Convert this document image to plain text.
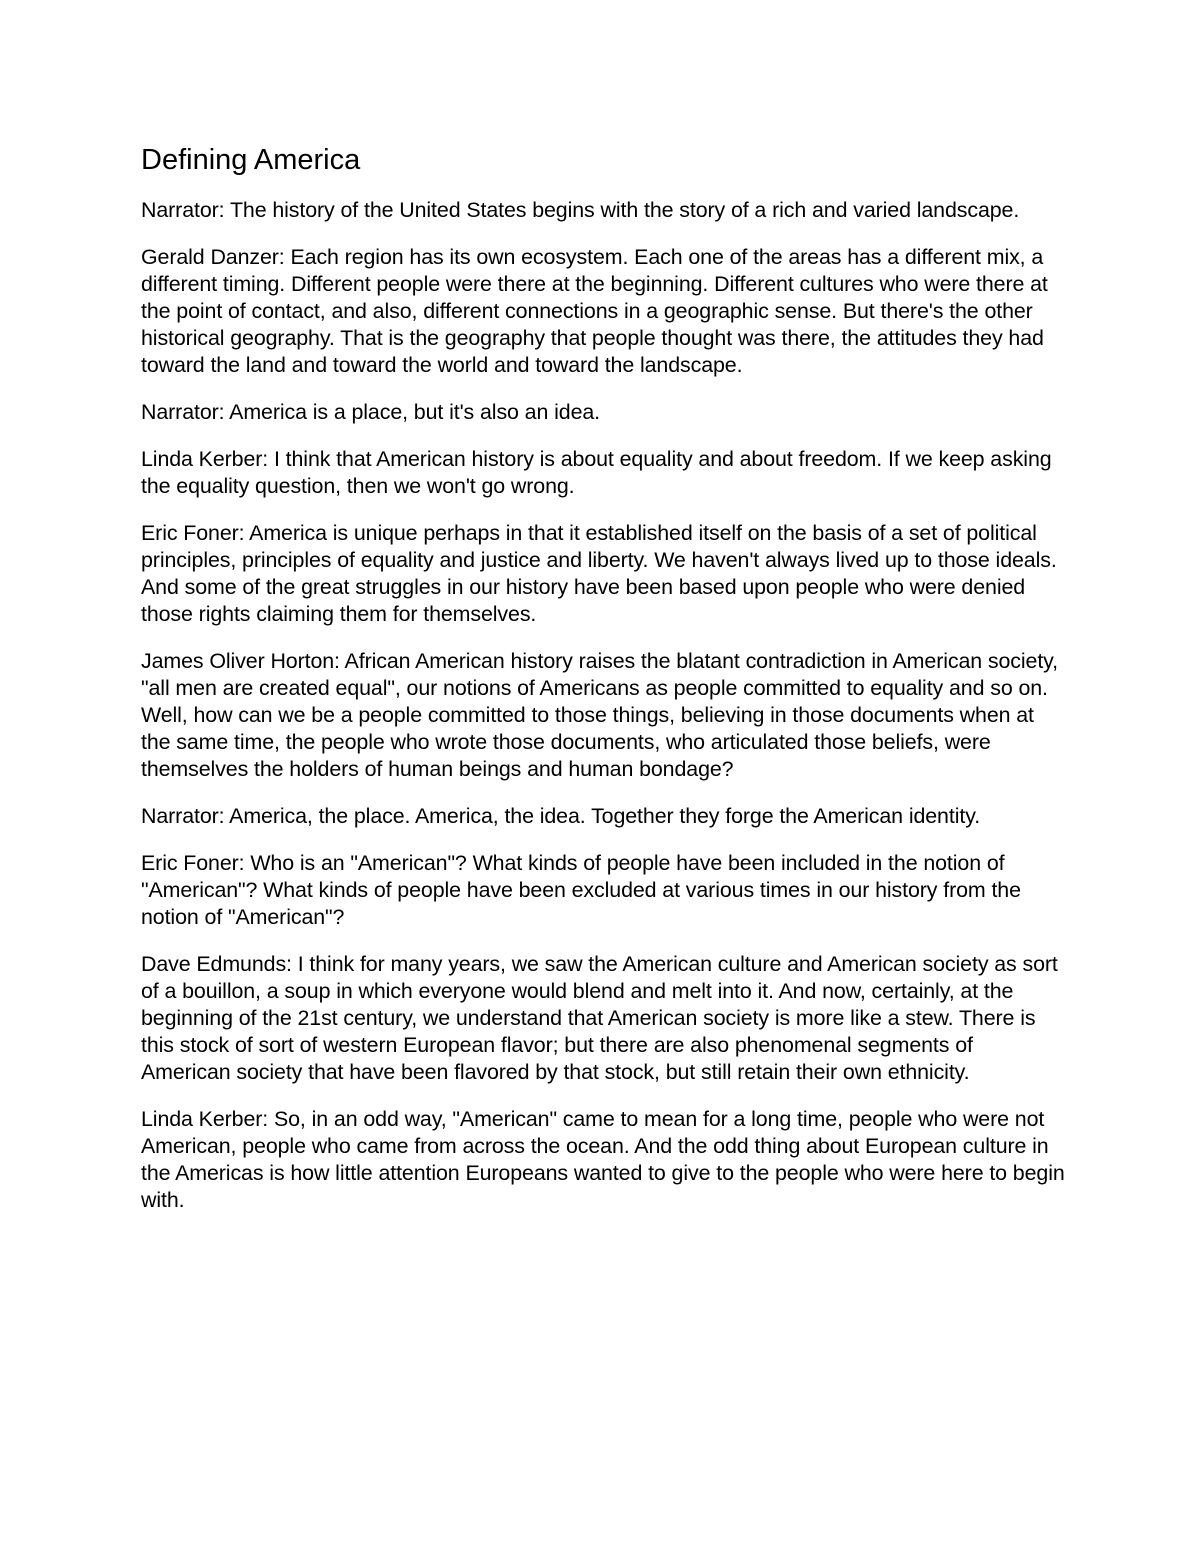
Defining America

Narrator: The history of the United States begins with the story of a rich and varied landscape.

Gerald Danzer: Each region has its own ecosystem. Each one of the areas has a different mix, a different timing. Different people were there at the beginning. Different cultures who were there at the point of contact, and also, different connections in a geographic sense. But there's the other historical geography. That is the geography that people thought was there, the attitudes they had toward the land and toward the world and toward the landscape.

Narrator: America is a place, but it's also an idea.

Linda Kerber: I think that American history is about equality and about freedom. If we keep asking the equality question, then we won't go wrong.

Eric Foner: America is unique perhaps in that it established itself on the basis of a set of political principles, principles of equality and justice and liberty. We haven't always lived up to those ideals. And some of the great struggles in our history have been based upon people who were denied those rights claiming them for themselves.

James Oliver Horton: African American history raises the blatant contradiction in American society, "all men are created equal", our notions of Americans as people committed to equality and so on. Well, how can we be a people committed to those things, believing in those documents when at the same time, the people who wrote those documents, who articulated those beliefs, were themselves the holders of human beings and human bondage?

Narrator: America, the place. America, the idea. Together they forge the American identity.

Eric Foner: Who is an "American"? What kinds of people have been included in the notion of "American"? What kinds of people have been excluded at various times in our history from the notion of "American"?

Dave Edmunds: I think for many years, we saw the American culture and American society as sort of a bouillon, a soup in which everyone would blend and melt into it. And now, certainly, at the beginning of the 21st century, we understand that American society is more like a stew. There is this stock of sort of western European flavor; but there are also phenomenal segments of American society that have been flavored by that stock, but still retain their own ethnicity.

Linda Kerber: So, in an odd way, "American" came to mean for a long time, people who were not American, people who came from across the ocean. And the odd thing about European culture in the Americas is how little attention Europeans wanted to give to the people who were here to begin with.
